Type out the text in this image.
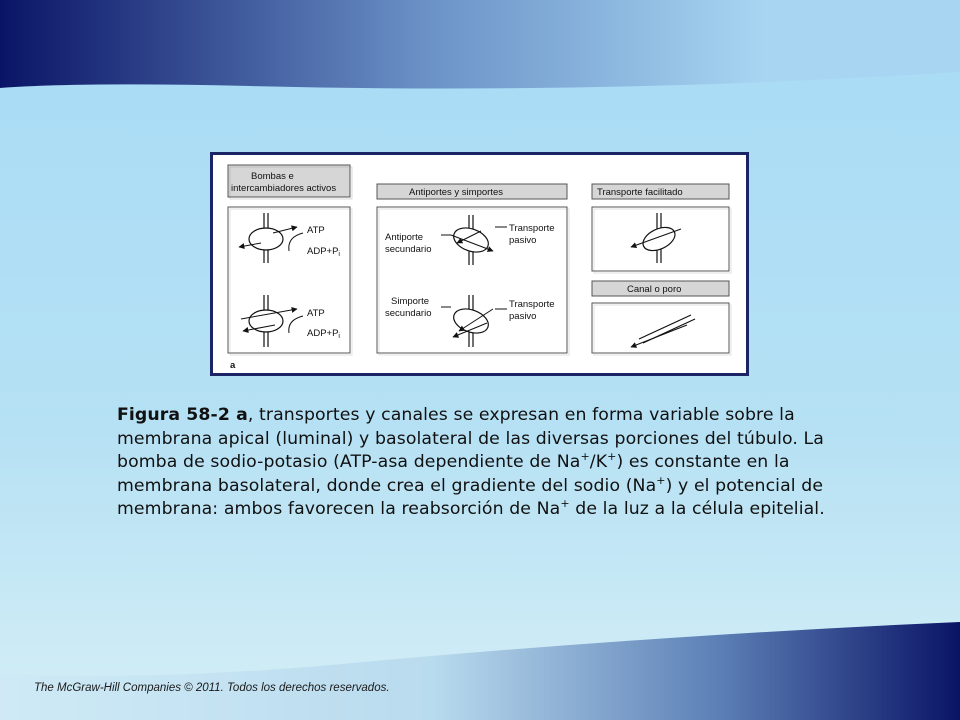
Bombas e
intercambiadores activos
ATP
$ADP+P_i$
ATP
$ADP+P_i$
a
Antiportes y simportes
Antiporte
secundario
Transporte
pasivo
Simporte
secundario
Transporte
pasivo
Transporte facilitado
Canal o poro
Figura 58-2 a, transportes y canales se expresan en forma variable sobre la membrana apical (luminal) y basolateral de las diversas porciones del túbulo. La bomba de sodio-potasio (ATP-asa dependiente de Na+/K+) es constante en la membrana basolateral, donde crea el gradiente del sodio (Na+) y el potencial de membrana: ambos favorecen la reabsorción de Na+ de la luz a la célula epitelial.
The McGraw-Hill Companies © 2011. Todos los derechos reservados.
